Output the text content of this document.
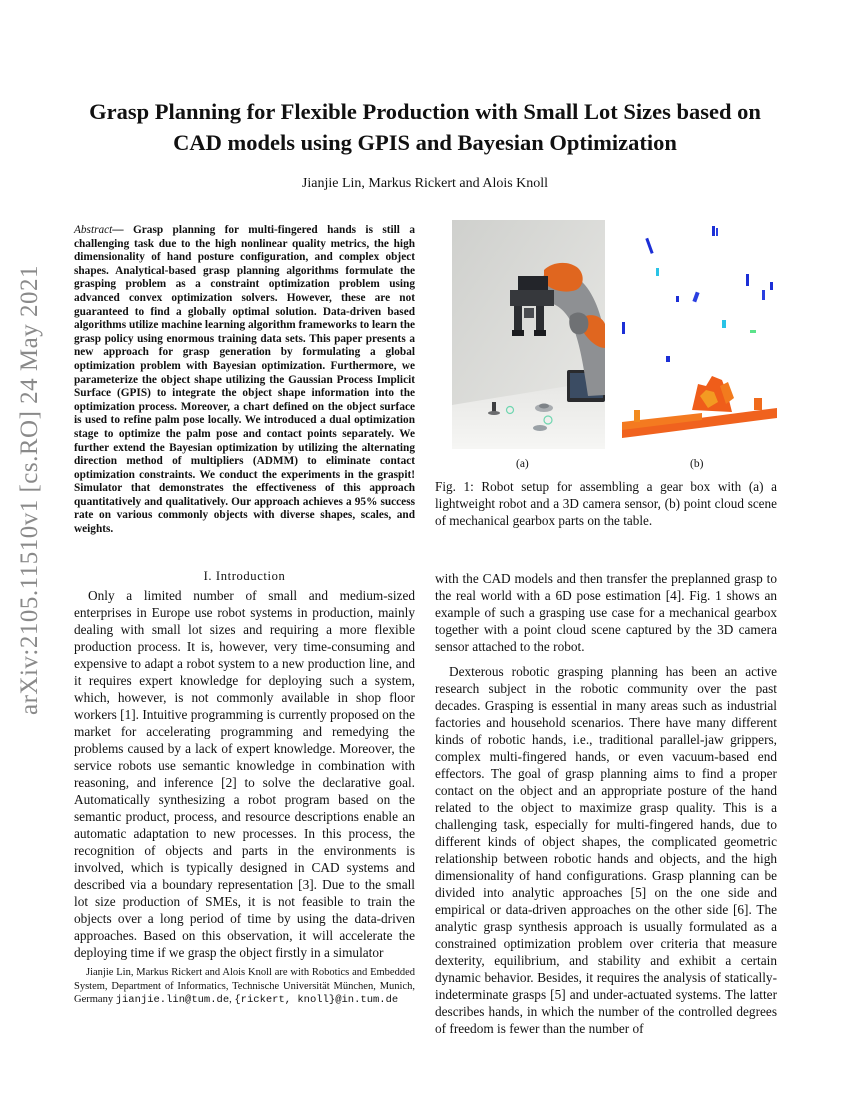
arXiv:2105.11510v1 [cs.RO] 24 May 2021
Grasp Planning for Flexible Production with Small Lot Sizes based on
CAD models using GPIS and Bayesian Optimization
Jianjie Lin, Markus Rickert and Alois Knoll
Abstract— Grasp planning for multi-fingered hands is still a challenging task due to the high nonlinear quality metrics, the high dimensionality of hand posture configuration, and complex object shapes. Analytical-based grasp planning algorithms formulate the grasping problem as a constraint optimization problem using advanced convex optimization solvers. However, these are not guaranteed to find a globally optimal solution. Data-driven based algorithms utilize machine learning algorithm frameworks to learn the grasp policy using enormous training data sets. This paper presents a new approach for grasp generation by formulating a global optimization problem with Bayesian optimization. Furthermore, we parameterize the object shape utilizing the Gaussian Process Implicit Surface (GPIS) to integrate the object shape information into the optimization process. Moreover, a chart defined on the object surface is used to refine palm pose locally. We introduced a dual optimization stage to optimize the palm pose and contact points separately. We further extend the Bayesian optimization by utilizing the alternating direction method of multipliers (ADMM) to eliminate contact optimization constraints. We conduct the experiments in the graspit! Simulator that demonstrates the effectiveness of this approach quantitatively and qualitatively. Our approach achieves a 95% success rate on various commonly objects with diverse shapes, scales, and weights.
(a)	(b)
Fig. 1: Robot setup for assembling a gear box with (a) a lightweight robot and a 3D camera sensor, (b) point cloud scene of mechanical gearbox parts on the table.
I. Introduction

Only a limited number of small and medium-sized enterprises in Europe use robot systems in production, mainly dealing with small lot sizes and requiring a more flexible production process. It is, however, very time-consuming and expensive to adapt a robot system to a new production line, and it requires expert knowledge for deploying such a system, which, however, is not commonly available in shop floor workers [1]. Intuitive programming is currently proposed on the market for accelerating programming and remedying the problems caused by a lack of expert knowledge. Moreover, the service robots use semantic knowledge in combination with reasoning, and inference [2] to solve the declarative goal. Automatically synthesizing a robot program based on the semantic product, process, and resource descriptions enable an automatic adaptation to new processes. In this process, the recognition of objects and parts in the environments is involved, which is typically designed in CAD systems and described via a boundary representation [3]. Due to the small lot size production of SMEs, it is not feasible to train the objects over a long period of time by using the data-driven approaches. Based on this observation, it will accelerate the deploying time if we grasp the object firstly in a simulator

with the CAD models and then transfer the preplanned grasp to the real world with a 6D pose estimation [4]. Fig. 1 shows an example of such a grasping use case for a mechanical gearbox together with a point cloud scene captured by the 3D camera sensor attached to the robot.

Dexterous robotic grasping planning has been an active research subject in the robotic community over the past decades. Grasping is essential in many areas such as industrial factories and household scenarios. There have many different kinds of robotic hands, i.e., traditional parallel-jaw grippers, complex multi-fingered hands, or even vacuum-based end effectors. The goal of grasp planning aims to find a proper contact on the object and an appropriate posture of the hand related to the object to maximize grasp quality. This is a challenging task, especially for multi-fingered hands, due to different kinds of object shapes, the complicated geometric relationship between robotic hands and objects, and the high dimensionality of hand configurations. Grasp planning can be divided into analytic approaches [5] on the one side and empirical or data-driven approaches on the other side [6]. The analytic grasp synthesis approach is usually formulated as a constrained optimization problem over criteria that measure dexterity, equilibrium, and stability and exhibit a certain dynamic behavior. Besides, it requires the analysis of statically-indeterminate grasps [5] and under-actuated systems. The latter describes hands, in which the number of the controlled degrees of freedom is fewer than the number of

Jianjie Lin, Markus Rickert and Alois Knoll are with Robotics and Embedded System, Department of Informatics, Technische Universität München, Munich, Germany jianjie.lin@tum.de, {rickert, knoll}@in.tum.de
